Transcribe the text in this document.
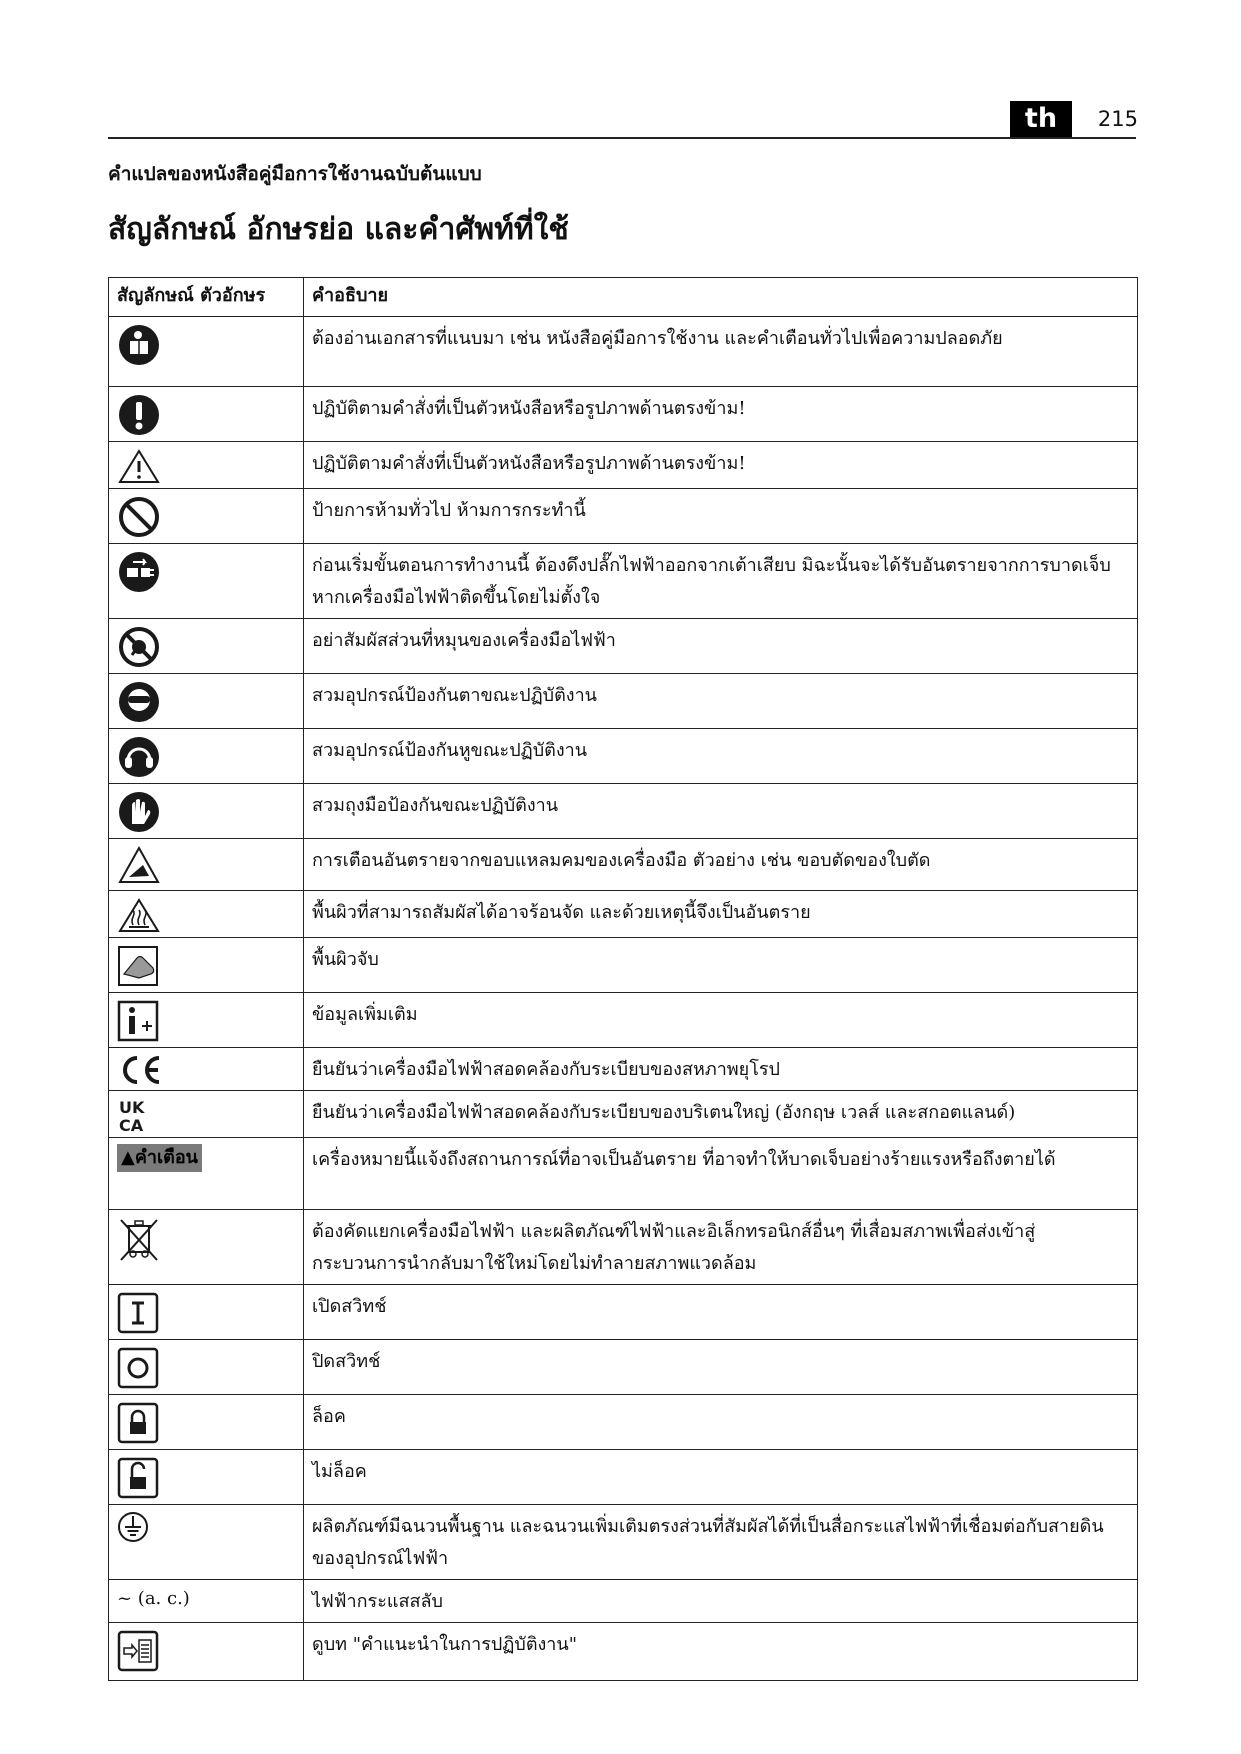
th	215
คำแปลของหนังสือคู่มือการใช้งานฉบับต้นแบบ
สัญลักษณ์ อักษรย่อ และคำศัพท์ที่ใช้
สัญลักษณ์ ตัวอักษร	คำอธิบาย

	ต้องอ่านเอกสารที่แนบมา เช่น หนังสือคู่มือการใช้งาน และคำเตือนทั่วไปเพื่อความปลอดภัย

	ปฏิบัติตามคำสั่งที่เป็นตัวหนังสือหรือรูปภาพด้านตรงข้าม!

	ปฏิบัติตามคำสั่งที่เป็นตัวหนังสือหรือรูปภาพด้านตรงข้าม!

	ป้ายการห้ามทั่วไป ห้ามการกระทำนี้

	ก่อนเริ่มขั้นตอนการทำงานนี้ ต้องดึงปลั๊กไฟฟ้าออกจากเต้าเสียบ มิฉะนั้นจะได้รับอันตรายจากการบาดเจ็บหากเครื่องมือไฟฟ้าติดขึ้นโดยไม่ตั้งใจ

	อย่าสัมผัสส่วนที่หมุนของเครื่องมือไฟฟ้า

	สวมอุปกรณ์ป้องกันตาขณะปฏิบัติงาน

	สวมอุปกรณ์ป้องกันหูขณะปฏิบัติงาน

	สวมถุงมือป้องกันขณะปฏิบัติงาน

	การเตือนอันตรายจากขอบแหลมคมของเครื่องมือ ตัวอย่าง เช่น ขอบตัดของใบตัด

	พื้นผิวที่สามารถสัมผัสได้อาจร้อนจัด และด้วยเหตุนี้จึงเป็นอันตราย

	พื้นผิวจับ

	ข้อมูลเพิ่มเติม

	ยืนยันว่าเครื่องมือไฟฟ้าสอดคล้องกับระเบียบของสหภาพยุโรป

UK
CA	ยืนยันว่าเครื่องมือไฟฟ้าสอดคล้องกับระเบียบของบริเตนใหญ่ (อังกฤษ เวลส์ และสกอตแลนด์)
▲คำเตือน	เครื่องหมายนี้แจ้งถึงสถานการณ์ที่อาจเป็นอันตราย ที่อาจทำให้บาดเจ็บอย่างร้ายแรงหรือถึงตายได้

	ต้องคัดแยกเครื่องมือไฟฟ้า และผลิตภัณฑ์ไฟฟ้าและอิเล็กทรอนิกส์อื่นๆ ที่เสื่อมสภาพเพื่อส่งเข้าสู่กระบวนการนำกลับมาใช้ใหม่โดยไม่ทำลายสภาพแวดล้อม

	เปิดสวิทช์

	ปิดสวิทช์

	ล็อค

	ไม่ล็อค

	ผลิตภัณฑ์มีฉนวนพื้นฐาน และฉนวนเพิ่มเติมตรงส่วนที่สัมผัสได้ที่เป็นสื่อกระแสไฟฟ้าที่เชื่อมต่อกับสายดินของอุปกรณ์ไฟฟ้า
~ (a. c.)	ไฟฟ้ากระแสสลับ

	ดูบท "คำแนะนำในการปฏิบัติงาน"
